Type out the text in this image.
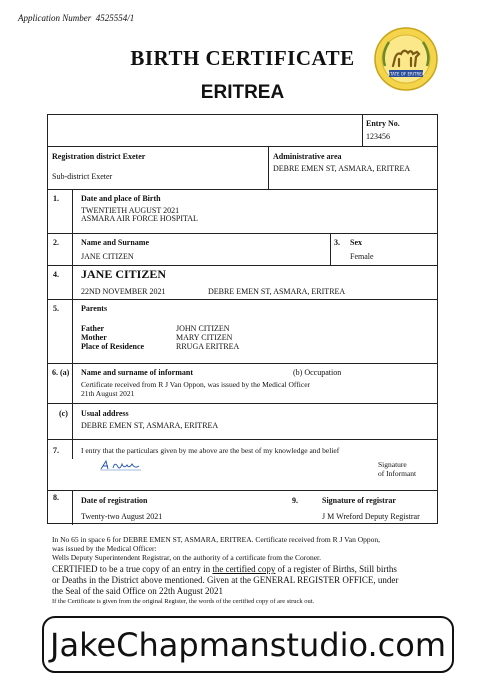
Application Number 4525554/1
BIRTH CERTIFICATE
ERITREA
STATE OF ERITREA
Entry No.
123456
Registration district Exeter
Sub-district Exeter
Administrative area
DEBRE EMEN ST, ASMARA, ERITREA
1.	Date and place of Birth
TWENTIETH AUGUST 2021
ASMARA AIR FORCE HOSPITAL
2.	Name and Surname
JANE CITIZEN
3. Sex
Female
4. JANE CITIZEN
22ND NOVEMBER 2021	DEBRE EMEN ST, ASMARA, ERITREA
5.	Parents
Father	JOHN CITIZEN
Mother	MARY CITIZEN
Place of Residence	RRUGA ERITREA
6. (a) Name and surname of informant	(b) Occupation
Certificate received from R J Van Oppon, was issued by the Medical Officer
21th August 2021
(c) Usual address
DEBRE EMEN ST, ASMARA, ERITREA
7.	I entry that the particulars given by me above are the best of my knowledge and belief
Signature
of Informant
8.	Date of registration
Twenty-two August 2021
9.	Signature of registrar
J M Wreford Deputy Registrar
In No 65 in space 6 for DEBRE EMEN ST, ASMARA, ERITREA. Certificate received from R J Van Oppon,
was issued by the Medical Officer:
Wells Deputy Superintendent Registrar, on the authority of a certificate from the Coroner.
CERTIFIED to be a true copy of an entry in the certified copy of a register of Births, Still births
or Deaths in the District above mentioned. Given at the GENERAL REGISTER OFFICE, under
the Seal of the said Office on 22th August 2021
If the Certificate is given from the original Register, the words of the certified copy of are struck out.
JakeChapmanstudio.com
